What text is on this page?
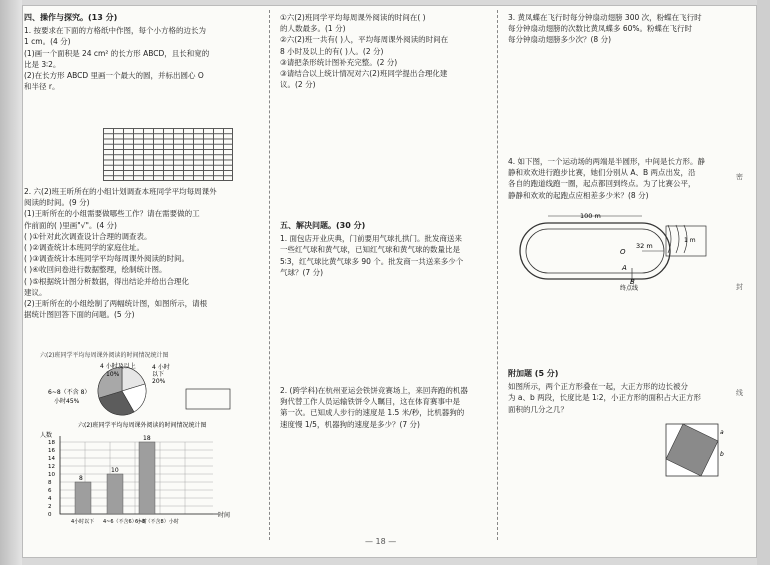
四、操作与探究。(13 分)

1. 按要求在下面的方格纸中作图，每个小方格的边长为

1 cm。(4 分)

(1)画一个面积是 24 cm² 的长方形 ABCD，且长和宽的

比是 3∶2。

(2)在长方形 ABCD 里画一个最大的圆，并标出圆心 O

和半径 r。

2. 六(2)班王昕所在的小组计划调查本班同学平均每周课外

阅读的时间。(9 分)

(1)王昕所在的小组需要做哪些工作？请在需要做的工

作前面的( )里画"√"。(4 分)

( )①针对此次调查设计合理的调查表。

( )②调查统计本班同学的家庭住址。

( )③调查统计本班同学平均每周课外阅读的时间。

( )④收回问卷进行数据整理，绘制统计图。

( )⑤根据统计图分析数据，得出结论并给出合理化

建议。

(2)王昕所在的小组绘制了两幅统计图，如图所示，请根

据统计图回答下面的问题。(5 分)

六(2)班同学平均每周课外阅读的时间情况统计图
4 小时及以上
10%
4 小时
以下
20%
6~8（不含 8）
小时45%
六(2)班同学平均每周课外阅读的时间情况统计图
人数
时间
18
16
14
12
10
8
6
4
2
0
8
4小时以下
10
4~6（不含6）小时
18
6~8（不含8）小时

①六(2)班同学平均每周课外阅读的时间在( )

的人数最多。(1 分)

②六(2)班一共有( )人，平均每周课外阅读的时间在

8 小时及以上的有( )人。(2 分)

③请把条形统计图补充完整。(2 分)

③请结合以上统计情况对六(2)班同学提出合理化建

议。(2 分)

五、解决问题。(30 分)

1. 面包店开业庆典，门前要用气球扎拱门。批发商送来

一些红气球和黄气球，已知红气球和黄气球的数量比是

5∶3，红气球比黄气球多 90 个。批发商一共送来多少个

气球？(7 分)

2. (跨学科)在杭州亚运会铁饼竞赛场上，来回奔跑的机器

狗代替工作人员运输铁饼令人瞩目，这在体育赛事中是

第一次。已知成人步行的速度是 1.5 米/秒，比机器狗的

速度慢 1/5，机器狗的速度是多少？(7 分)

3. 黄凤蝶在飞行时每分钟扇动翅膀 300 次，粉蝶在飞行时

每分钟扇动翅膀的次数比黄凤蝶多 60%。粉蝶在飞行时

每分钟扇动翅膀多少次？(8 分)

4. 如下图，一个运动场的两端是半圆形，中间是长方形。静

静和欢欢进行跑步比赛，她们分别从 A、B 两点出发，沿

各自的跑道线跑一圈，起点都回到终点。为了比赛公平，

静静和欢欢的起跑点应相差多少米？(8 分)

100 m
32 m
O
A
B
终点线
1 m

附加题 (5 分)

如图所示，两个正方形叠在一起，大正方形的边长被分

为 a、b 两段，长度比是 1∶2，小正方形的面积占大正方形

面积的几分之几？

a
b
— 18 —
密
封
线
